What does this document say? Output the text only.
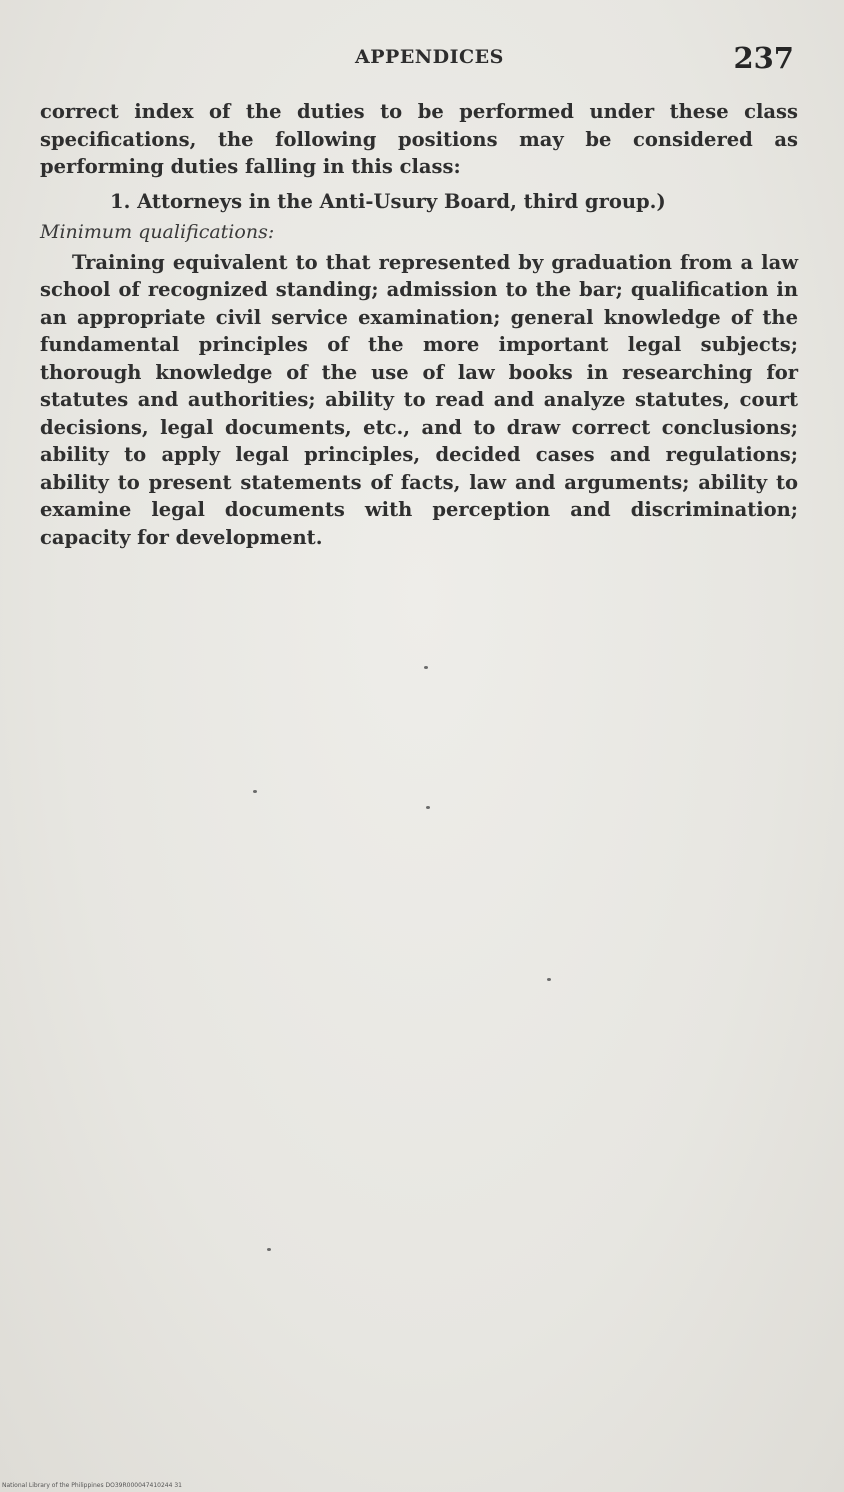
APPENDICES	237

correct index of the duties to be performed under these class specifications, the following positions may be considered as performing duties falling in this class:

1. Attorneys in the Anti-Usury Board, third group.)

Minimum qualifications:

Training equivalent to that represented by graduation from a law school of recognized standing; admission to the bar; qualification in an appropriate civil service examination; general knowledge of the fundamental principles of the more important legal subjects; thorough knowledge of the use of law books in researching for statutes and authorities; ability to read and analyze statutes, court decisions, legal documents, etc., and to draw correct conclusions; ability to apply legal principles, decided cases and regulations; ability to present statements of facts, law and arguments; ability to examine legal documents with perception and discrimination; capacity for development.

National Library of the Philippines DO39R000047410244 31
